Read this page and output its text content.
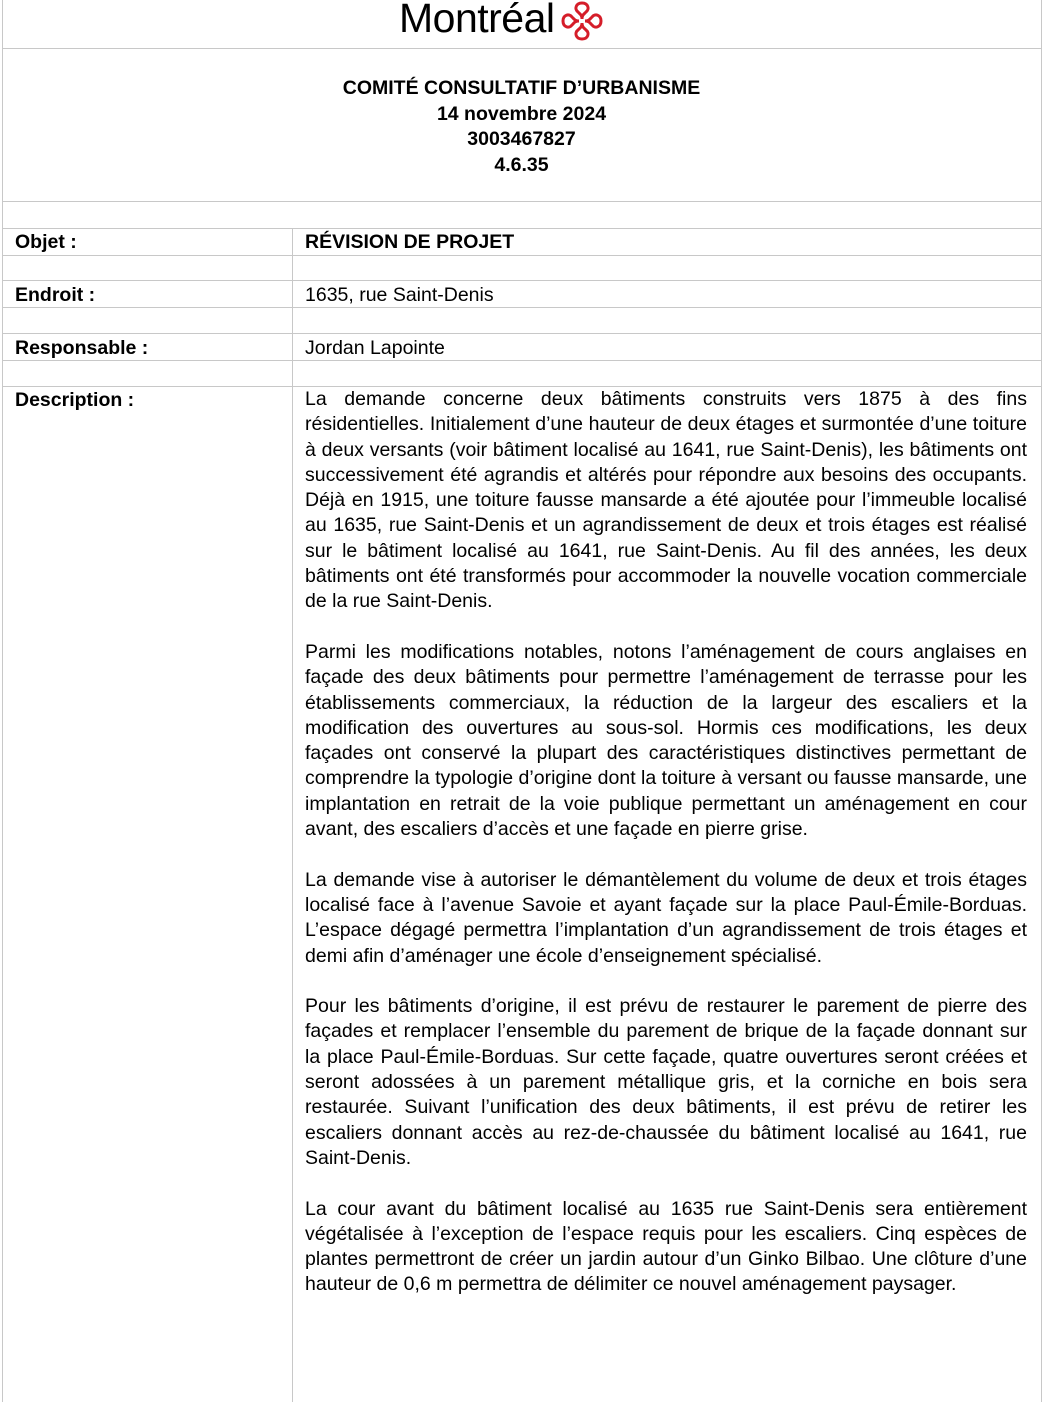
Montréal
COMITÉ CONSULTATIF D’URBANISME
14 novembre 2024
3003467827
4.6.35
Objet :	RÉVISION DE PROJET
Endroit :	1635, rue Saint-Denis
Responsable :	Jordan Lapointe
Description :	La demande concerne deux bâtiments construits vers 1875 à des fins résidentielles. Initialement d’une hauteur de deux étages et surmontée d’une toiture à deux versants (voir bâtiment localisé au 1641, rue Saint-Denis), les bâtiments ont successivement été agrandis et altérés pour répondre aux besoins des occupants. Déjà en 1915, une toiture fausse mansarde a été ajoutée pour l’immeuble localisé au 1635, rue Saint-Denis et un agrandissement de deux et trois étages est réalisé sur le bâtiment localisé au 1641, rue Saint-Denis. Au fil des années, les deux bâtiments ont été transformés pour accommoder la nouvelle vocation commerciale de la rue Saint-Denis.

Parmi les modifications notables, notons l’aménagement de cours anglaises en façade des deux bâtiments pour permettre l’aménagement de terrasse pour les établissements commerciaux, la réduction de la largeur des escaliers et la modification des ouvertures au sous-sol. Hormis ces modifications, les deux façades ont conservé la plupart des caractéristiques distinctives permettant de comprendre la typologie d’origine dont la toiture à versant ou fausse mansarde, une implantation en retrait de la voie publique permettant un aménagement en cour avant, des escaliers d’accès et une façade en pierre grise.

La demande vise à autoriser le démantèlement du volume de deux et trois étages localisé face à l’avenue Savoie et ayant façade sur la place Paul-Émile-Borduas. L’espace dégagé permettra l’implantation d’un agrandissement de trois étages et demi afin d’aménager une école d’enseignement spécialisé.

Pour les bâtiments d’origine, il est prévu de restaurer le parement de pierre des façades et remplacer l’ensemble du parement de brique de la façade donnant sur la place Paul-Émile-Borduas. Sur cette façade, quatre ouvertures seront créées et seront adossées à un parement métallique gris, et la corniche en bois sera restaurée. Suivant l’unification des deux bâtiments, il est prévu de retirer les escaliers donnant accès au rez-de-chaussée du bâtiment localisé au 1641, rue Saint-Denis.

La cour avant du bâtiment localisé au 1635 rue Saint-Denis sera entièrement végétalisée à l’exception de l’espace requis pour les escaliers. Cinq espèces de plantes permettront de créer un jardin autour d’un Ginko Bilbao. Une clôture d’une hauteur de 0,6 m permettra de délimiter ce nouvel aménagement paysager.
